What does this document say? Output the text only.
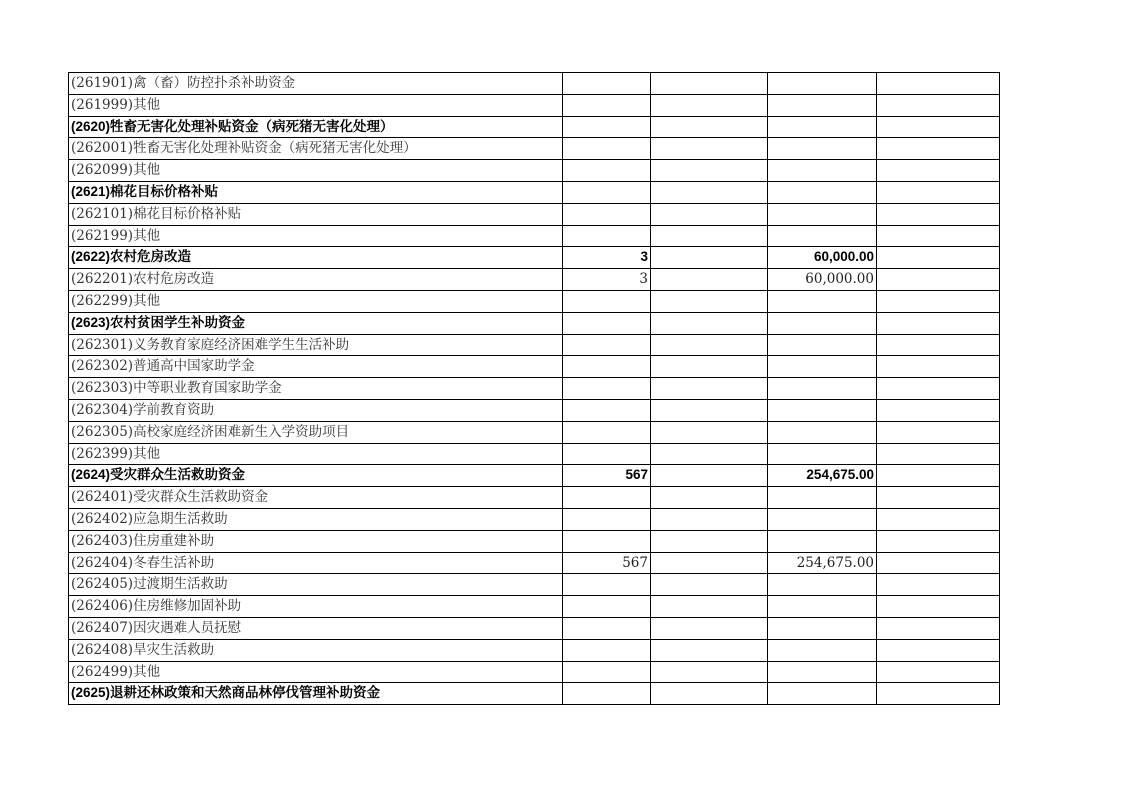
(261901)禽（畜）防控扑杀补助资金				
(261999)其他				
(2620)牲畜无害化处理补贴资金（病死猪无害化处理）				
(262001)牲畜无害化处理补贴资金（病死猪无害化处理）				
(262099)其他				
(2621)棉花目标价格补贴				
(262101)棉花目标价格补贴				
(262199)其他				
(2622)农村危房改造	3		60,000.00	
(262201)农村危房改造	3		60,000.00	
(262299)其他				
(2623)农村贫困学生补助资金				
(262301)义务教育家庭经济困难学生生活补助				
(262302)普通高中国家助学金				
(262303)中等职业教育国家助学金				
(262304)学前教育资助				
(262305)高校家庭经济困难新生入学资助项目				
(262399)其他				
(2624)受灾群众生活救助资金	567		254,675.00	
(262401)受灾群众生活救助资金				
(262402)应急期生活救助				
(262403)住房重建补助				
(262404)冬春生活补助	567		254,675.00	
(262405)过渡期生活救助				
(262406)住房维修加固补助				
(262407)因灾遇难人员抚慰				
(262408)旱灾生活救助				
(262499)其他				
(2625)退耕还林政策和天然商品林停伐管理补助资金				
